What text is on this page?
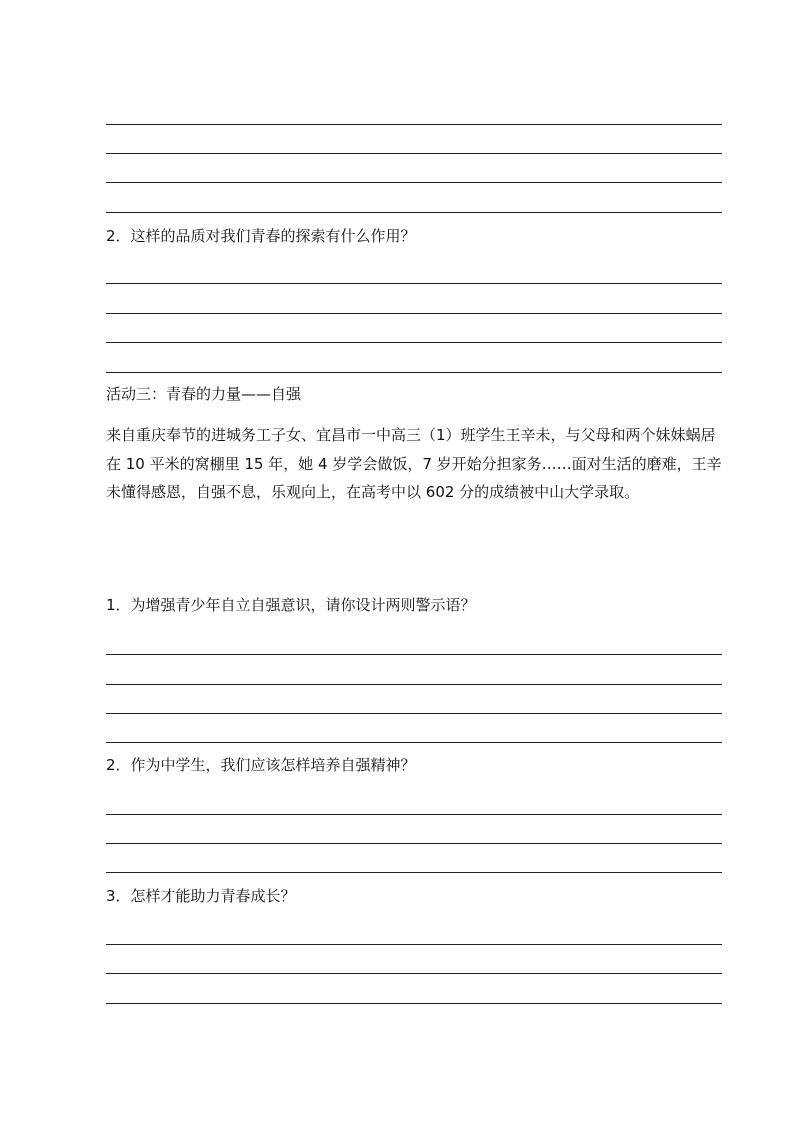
2．这样的品质对我们青春的探索有什么作用？
活动三：青春的力量——自强
来自重庆奉节的进城务工子女、宜昌市一中高三（1）班学生王辛未，与父母和两个妹妹蜗居在 10 平米的窝棚里 15 年，她 4 岁学会做饭，7 岁开始分担家务……面对生活的磨难，王辛未懂得感恩，自强不息，乐观向上，在高考中以 602 分的成绩被中山大学录取。
1．为增强青少年自立自强意识，请你设计两则警示语？
2．作为中学生，我们应该怎样培养自强精神？
3．怎样才能助力青春成长？
